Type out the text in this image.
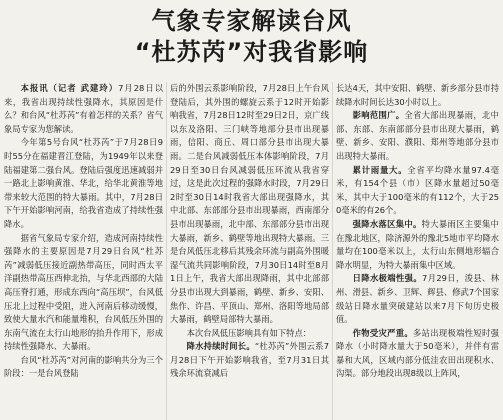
气象专家解读台风
“杜苏芮”对我省影响

本报讯（记者 武建玲）7月28日以来，我省出现持续性强降水，其原因是什么？和台风“杜苏芮”有着怎样的关系？省气象局专家为您解读。

今年第5号台风“杜苏芮”于7月28日9时55分在福建晋江登陆，为1949年以来登陆福建第二强台风。登陆后强度迅速减弱并一路北上影响黄淮、华北，给华北黄淮等地带来较大范围的特大暴雨。其中，7月28日下午开始影响河南，给我省造成了持续性强降水。

据省气象局专家介绍，造成河南持续性强降水的主要原因是7月29日台风“杜苏芮”减弱低压接近副热带高压，同时西太平洋副热带高压西伸北抬，与华北西部的大陆高压脊打通，形成东西向“高压坝”，台风低压北上过程中受阻，进入河南后移动缓慢，致使大量水汽和能量堆积，台风低压外围的东南气流在太行山地形的抬升作用下，形成持续性强降水、大暴雨。

台风“杜苏芮”对河南的影响共分为三个阶段：一是台风登陆

后的外围云系影响阶段，7月28日上午台风登陆后，其外围的螺旋云系于12时开始影响我省，7月28日12时至29日2日，京广线以东及洛阳、三门峡等地部分县市出现暴雨，信阳、商丘、周口部分县市出现大暴雨。二是台风减弱低压本体影响阶段，7月29日至30日台风减弱低压环流从我省穿过，这是此次过程的强降水时段，7月29日2时至30日14时我省大部出现强降水，其中北部、东部部分县市出现暴雨，西南部分县市出现暴雨，北中部、东部部分县市出现大暴雨，新乡、鹤壁等地出现特大暴雨。三是台风低压北移后其残余环流与副高外围暖湿气流共同影响阶段，7月30日14时至8月1日上午，我省大部出现降雨，其中北部部分县市出现大到暴雨，鹤壁、新乡、安阳、焦作、许昌、平顶山、郑州、洛阳等地局部大暴雨，鹤壁局部特大暴雨。

本次台风低压影响具有如下特点：

降水持续时间长。“杜苏芮”外围云系7月28日下午开始影响我省，至7月31日其残余环流衰减后

长达4天，其中安阳、鹤壁、新乡部分县市持续降水时间长达30小时以上。

影响范围广。全省大部出现暴雨，北中部、东部、东南部部分县市出现大暴雨，鹤壁、新乡、安阳、濮阳、郑州等地部分县市出现特大暴雨。

累计雨量大。全省平均降水量97.4毫米，有154个县（市）区降水量超过50毫米，其中大于100毫米的有112个，大于250毫米的有26个。

强降水落区集中。特大暴雨区主要集中在豫北地区，除济源外的豫北5地市平均降水量均在100毫米以上，太行山东侧地形辐合降水明显，为特大暴雨集中区域。

日降水极端性强。7月29日，浚县、林州、滑县、新乡、卫辉、辉县、修武7个国家级站日降水量突破建站以来7月下旬历史极值。

作物受灾严重。多站出现极端性短时强降水（小时降水量大于50毫米），并伴有雷暴和大风，区域内部分低洼农田出现积水、沟渠。部分地段出现8级以上阵风，
